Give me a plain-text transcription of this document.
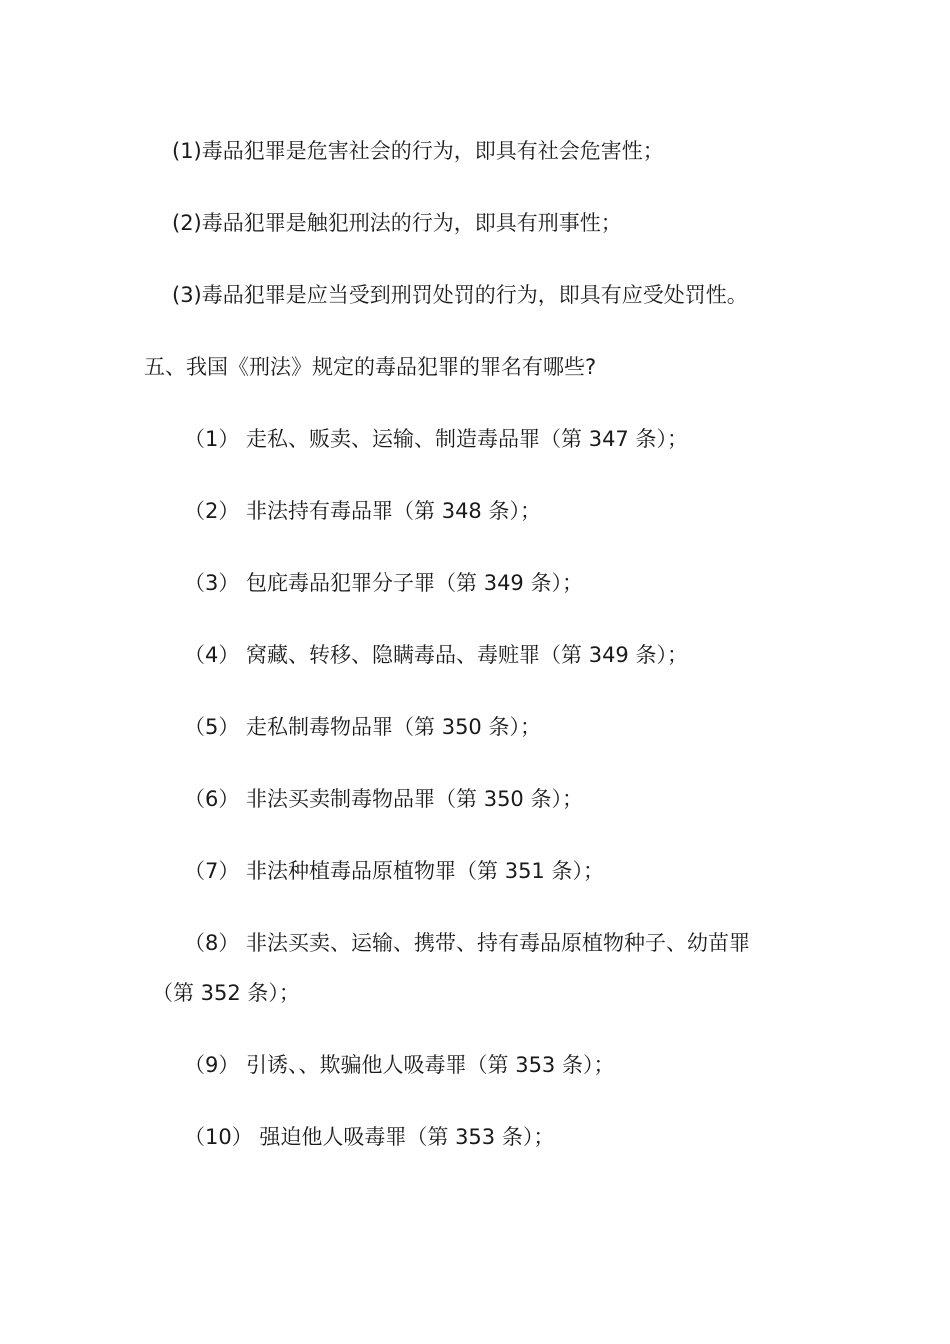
(1)毒品犯罪是危害社会的行为，即具有社会危害性；
(2)毒品犯罪是触犯刑法的行为，即具有刑事性；
(3)毒品犯罪是应当受到刑罚处罚的行为，即具有应受处罚性。
五、我国《刑法》规定的毒品犯罪的罪名有哪些?
（1） 走私、贩卖、运输、制造毒品罪（第 347 条）；
（2） 非法持有毒品罪（第 348 条）；
（3） 包庇毒品犯罪分子罪（第 349 条）；
（4） 窝藏、转移、隐瞒毒品、毒赃罪（第 349 条）；
（5） 走私制毒物品罪（第 350 条）；
（6） 非法买卖制毒物品罪（第 350 条）；
（7） 非法种植毒品原植物罪（第 351 条）；
（8） 非法买卖、运输、携带、持有毒品原植物种子、幼苗罪
（第 352 条）；
（9） 引诱、、欺骗他人吸毒罪（第 353 条）；
（10） 强迫他人吸毒罪（第 353 条）；
